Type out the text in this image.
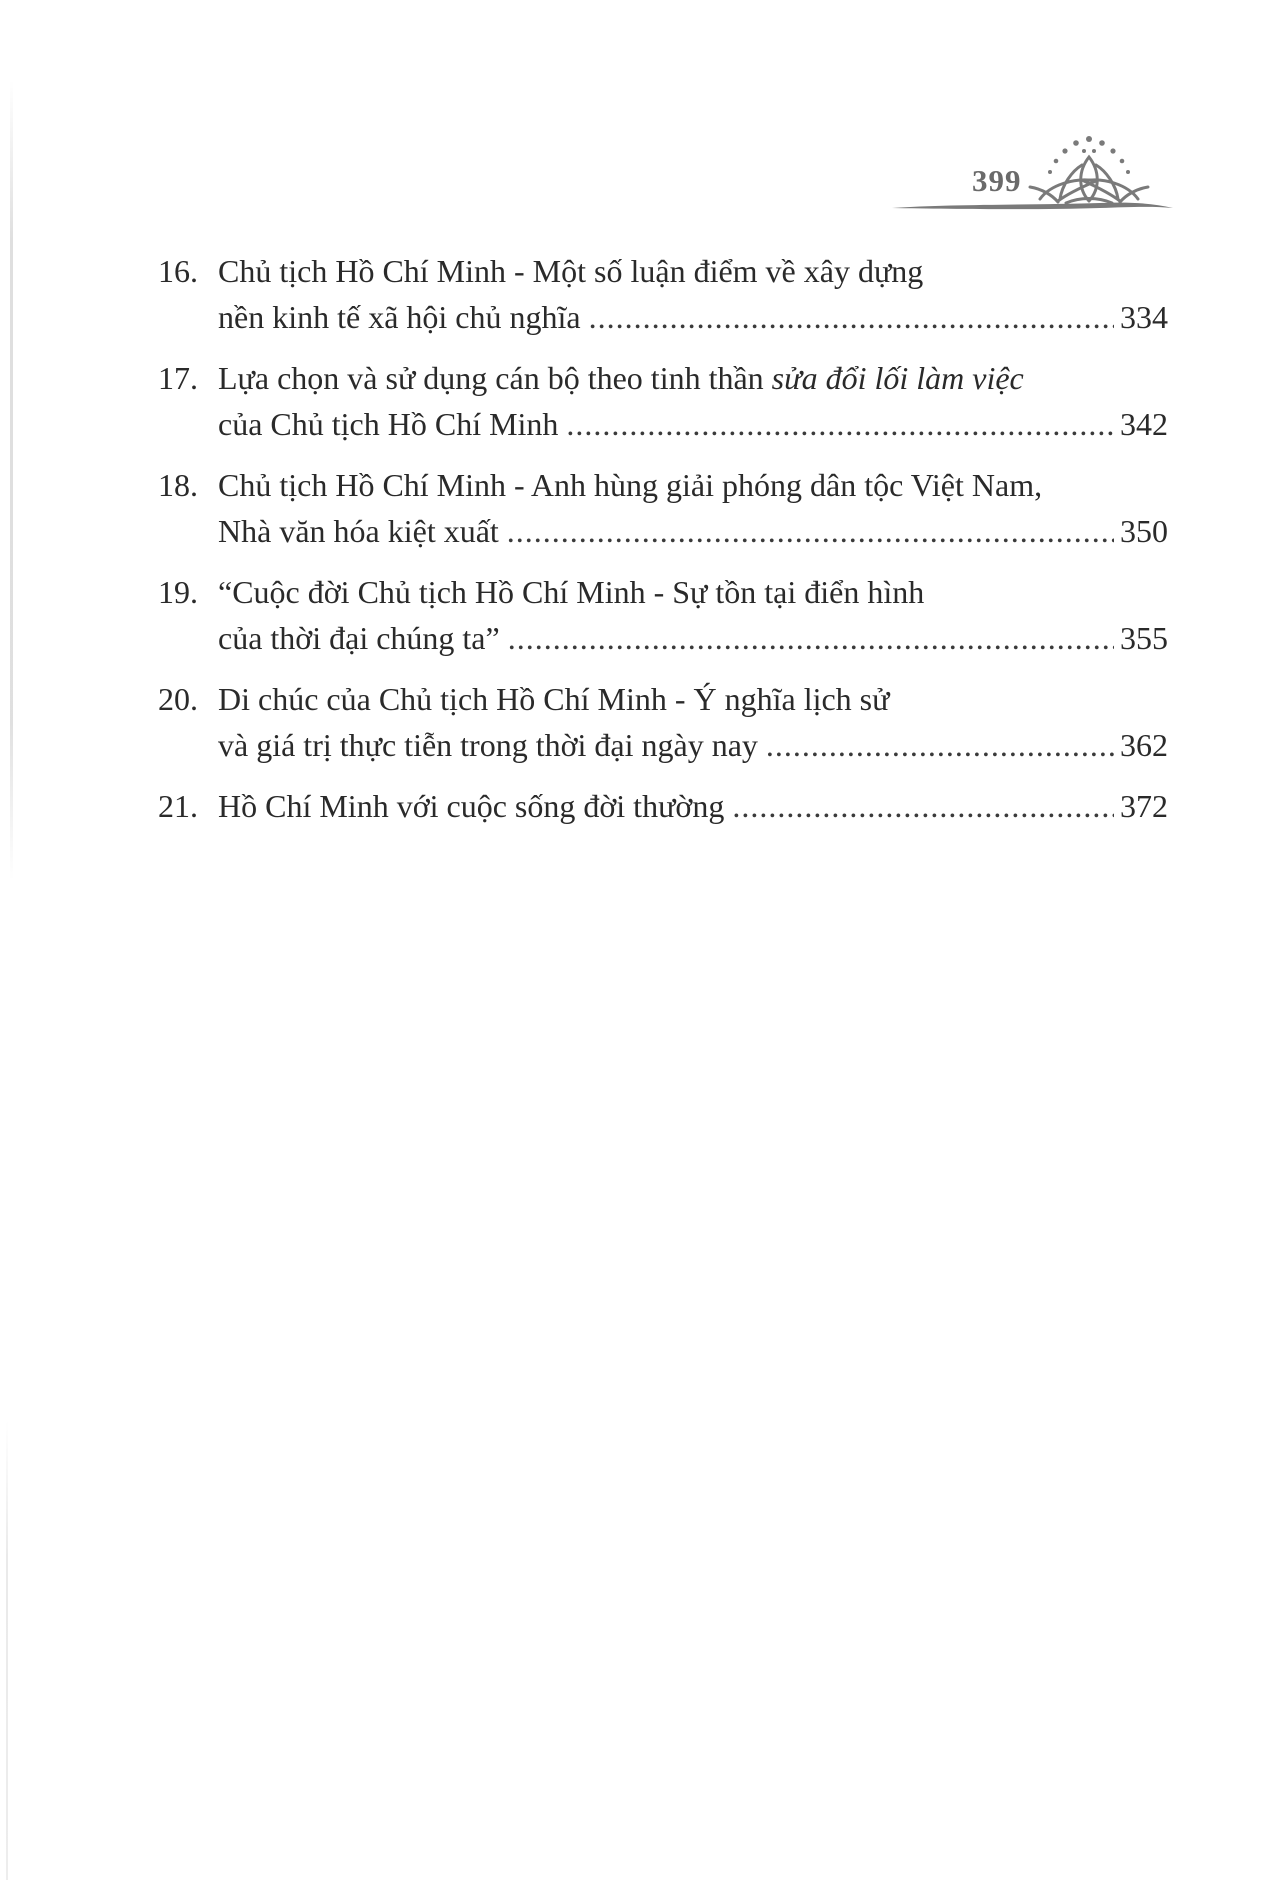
399
16. Chủ tịch Hồ Chí Minh - Một số luận điểm về xây dựng
nền kinh tế xã hội chủ nghĩa .....	334
17. Lựa chọn và sử dụng cán bộ theo tinh thần sửa đổi lối làm việc
của Chủ tịch Hồ Chí Minh .....	342
18. Chủ tịch Hồ Chí Minh - Anh hùng giải phóng dân tộc Việt Nam,
Nhà văn hóa kiệt xuất .....	350
19. “Cuộc đời Chủ tịch Hồ Chí Minh - Sự tồn tại điển hình
của thời đại chúng ta” .....	355
20. Di chúc của Chủ tịch Hồ Chí Minh - Ý nghĩa lịch sử
và giá trị thực tiễn trong thời đại ngày nay .....	362
21. Hồ Chí Minh với cuộc sống đời thường .....	372
